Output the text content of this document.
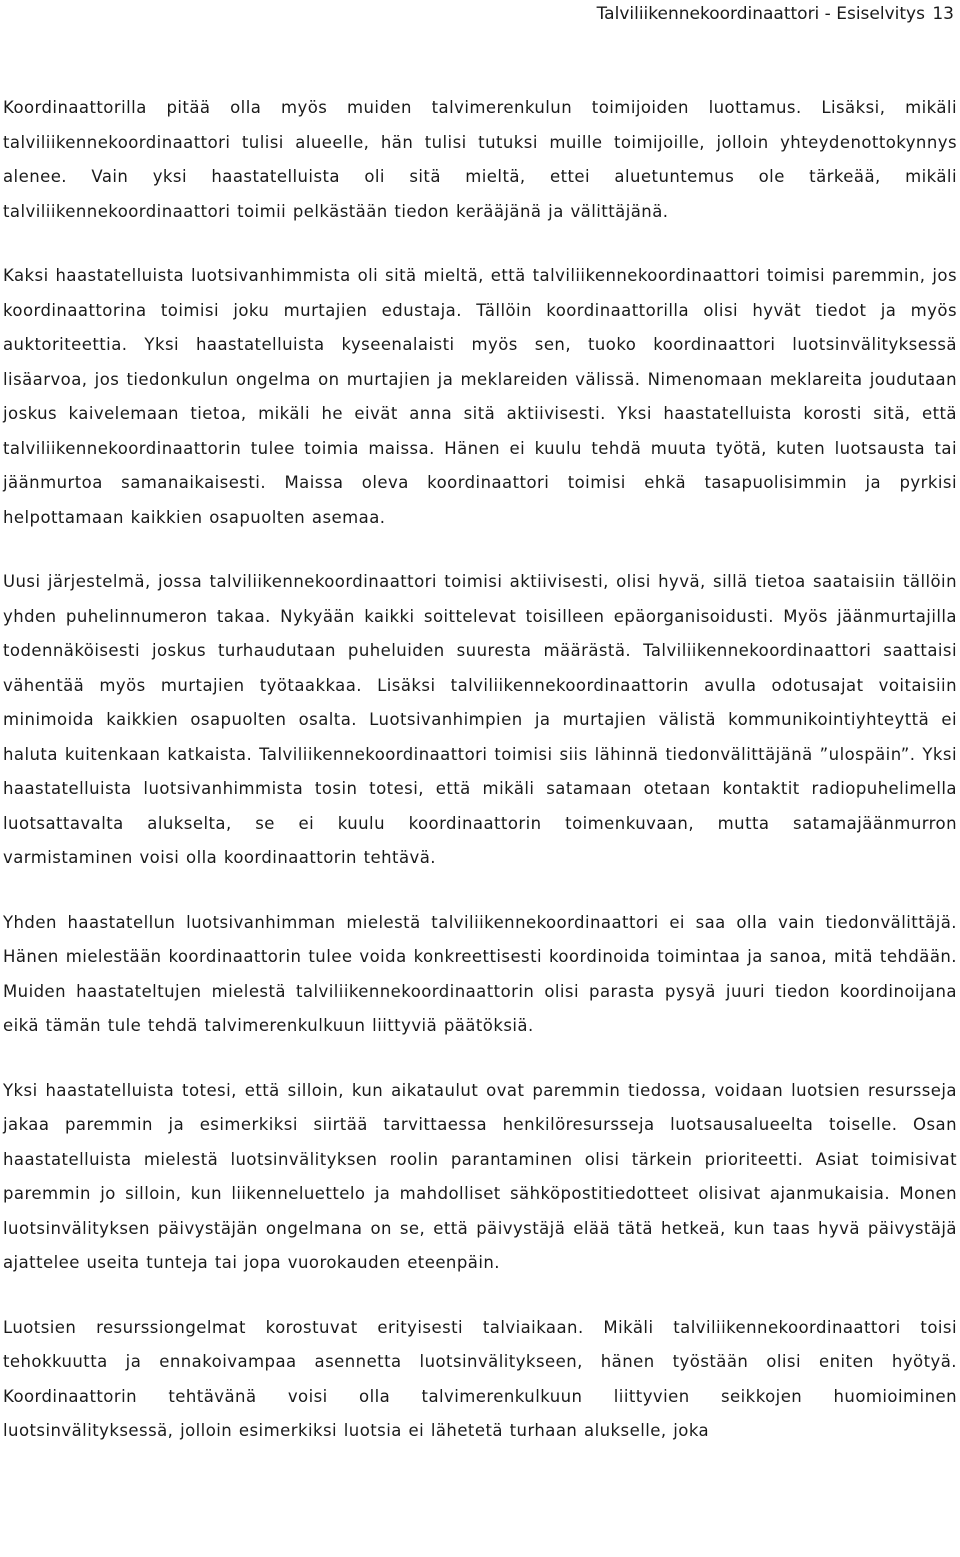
Talviliikennekoordinaattori - Esiselvitys 13

Koordinaattorilla pitää olla myös muiden talvimerenkulun toimijoiden luottamus. Lisäksi, mikäli talviliikennekoordinaattori tulisi alueelle, hän tulisi tutuksi muille toimijoille, jolloin yhteydenottokynnys alenee. Vain yksi haastatelluista oli sitä mieltä, ettei aluetuntemus ole tärkeää, mikäli talviliikennekoordinaattori toimii pelkästään tiedon kerääjänä ja välittäjänä.

Kaksi haastatelluista luotsivanhimmista oli sitä mieltä, että talviliikennekoordinaattori toimisi paremmin, jos koordinaattorina toimisi joku murtajien edustaja. Tällöin koordinaattorilla olisi hyvät tiedot ja myös auktoriteettia. Yksi haastatelluista kyseenalaisti myös sen, tuoko koordinaattori luotsinvälityksessä lisäarvoa, jos tiedonkulun ongelma on murtajien ja meklareiden välissä. Nimenomaan meklareita joudutaan joskus kaivelemaan tietoa, mikäli he eivät anna sitä aktiivisesti. Yksi haastatelluista korosti sitä, että talviliikennekoordinaattorin tulee toimia maissa. Hänen ei kuulu tehdä muuta työtä, kuten luotsausta tai jäänmurtoa samanaikaisesti. Maissa oleva koordinaattori toimisi ehkä tasapuolisimmin ja pyrkisi helpottamaan kaikkien osapuolten asemaa.

Uusi järjestelmä, jossa talviliikennekoordinaattori toimisi aktiivisesti, olisi hyvä, sillä tietoa saataisiin tällöin yhden puhelinnumeron takaa. Nykyään kaikki soittelevat toisilleen epäorganisoidusti. Myös jäänmurtajilla todennäköisesti joskus turhaudutaan puheluiden suuresta määrästä. Talviliikennekoordinaattori saattaisi vähentää myös murtajien työtaakkaa. Lisäksi talviliikennekoordinaattorin avulla odotusajat voitaisiin minimoida kaikkien osapuolten osalta. Luotsivanhimpien ja murtajien välistä kommunikointiyhteyttä ei haluta kuitenkaan katkaista. Talviliikennekoordinaattori toimisi siis lähinnä tiedonvälittäjänä ”ulospäin”. Yksi haastatelluista luotsivanhimmista tosin totesi, että mikäli satamaan otetaan kontaktit radiopuhelimella luotsattavalta alukselta, se ei kuulu koordinaattorin toimenkuvaan, mutta satamajäänmurron varmistaminen voisi olla koordinaattorin tehtävä.

Yhden haastatellun luotsivanhimman mielestä talviliikennekoordinaattori ei saa olla vain tiedonvälittäjä. Hänen mielestään koordinaattorin tulee voida konkreettisesti koordinoida toimintaa ja sanoa, mitä tehdään. Muiden haastateltujen mielestä talviliikennekoordinaattorin olisi parasta pysyä juuri tiedon koordinoijana eikä tämän tule tehdä talvimerenkulkuun liittyviä päätöksiä.

Yksi haastatelluista totesi, että silloin, kun aikataulut ovat paremmin tiedossa, voidaan luotsien resursseja jakaa paremmin ja esimerkiksi siirtää tarvittaessa henkilöresursseja luotsausalueelta toiselle. Osan haastatelluista mielestä luotsinvälityksen roolin parantaminen olisi tärkein prioriteetti. Asiat toimisivat paremmin jo silloin, kun liikenneluettelo ja mahdolliset sähköpostitiedotteet olisivat ajanmukaisia. Monen luotsinvälityksen päivystäjän ongelmana on se, että päivystäjä elää tätä hetkeä, kun taas hyvä päivystäjä ajattelee useita tunteja tai jopa vuorokauden eteenpäin.

Luotsien resurssiongelmat korostuvat erityisesti talviaikaan. Mikäli talviliikennekoordinaattori toisi tehokkuutta ja ennakoivampaa asennetta luotsinvälitykseen, hänen työstään olisi eniten hyötyä. Koordinaattorin tehtävänä voisi olla talvimerenkulkuun liittyvien seikkojen huomioiminen luotsinvälityksessä, jolloin esimerkiksi luotsia ei lähetetä turhaan alukselle, joka
